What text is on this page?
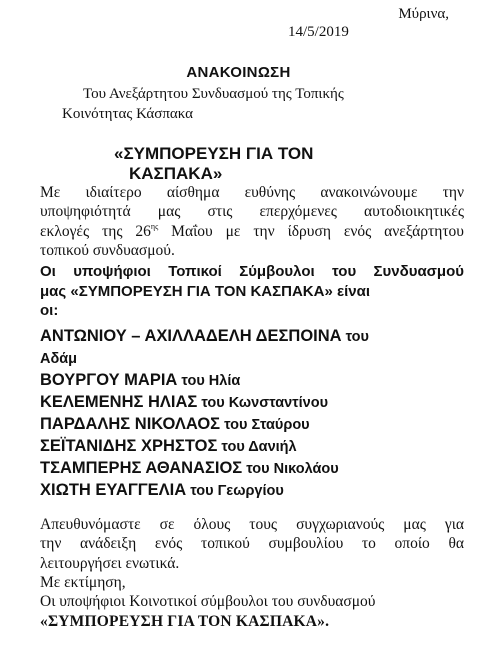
Μύρινα,
14/5/2019
ΑΝΑΚΟΙΝΩΣΗ
Του Ανεξάρτητου Συνδυασμού της Τοπικής
Κοινότητας Κάσπακα
«ΣΥΜΠΟΡΕΥΣΗ ΓΙΑ ΤΟΝ
ΚΑΣΠΑΚΑ»
Με ιδιαίτερο αίσθημα ευθύνης ανακοινώνουμε την
υποψηφιότητά μας στις επερχόμενες αυτοδιοικητικές
εκλογές της $26^{\eta\varsigma}$ Μαΐου με την ίδρυση ενός ανεξάρτητου
τοπικού συνδυασμού.
Οι υποψήφιοι Τοπικοί Σύμβουλοι του Συνδυασμού
μας «ΣΥΜΠΟΡΕΥΣΗ ΓΙΑ ΤΟΝ ΚΑΣΠΑΚΑ» είναι
οι:
ΑΝΤΩΝΙΟΥ – ΑΧΙΛΛΑΔΕΛΗ ΔΕΣΠΟΙΝΑ του
Αδάμ
ΒΟΥΡΓΟΥ ΜΑΡΙΑ του Ηλία
ΚΕΛΕΜΕΝΗΣ ΗΛΙΑΣ του Κωνσταντίνου
ΠΑΡΔΑΛΗΣ ΝΙΚΟΛΑΟΣ του Σταύρου
ΣΕΪΤΑΝΙΔΗΣ ΧΡΗΣΤΟΣ του Δανιήλ
ΤΣΑΜΠΕΡΗΣ ΑΘΑΝΑΣΙΟΣ του Νικολάου
ΧΙΩΤΗ ΕΥΑΓΓΕΛΙΑ του Γεωργίου
Απευθυνόμαστε σε όλους τους συγχωριανούς μας για
την ανάδειξη ενός τοπικού συμβουλίου το οποίο θα
λειτουργήσει ενωτικά.
Με εκτίμηση,
Οι υποψήφιοι Κοινοτικοί σύμβουλοι του συνδυασμού
«ΣΥΜΠΟΡΕΥΣΗ ΓΙΑ ΤΟΝ ΚΑΣΠΑΚΑ».
